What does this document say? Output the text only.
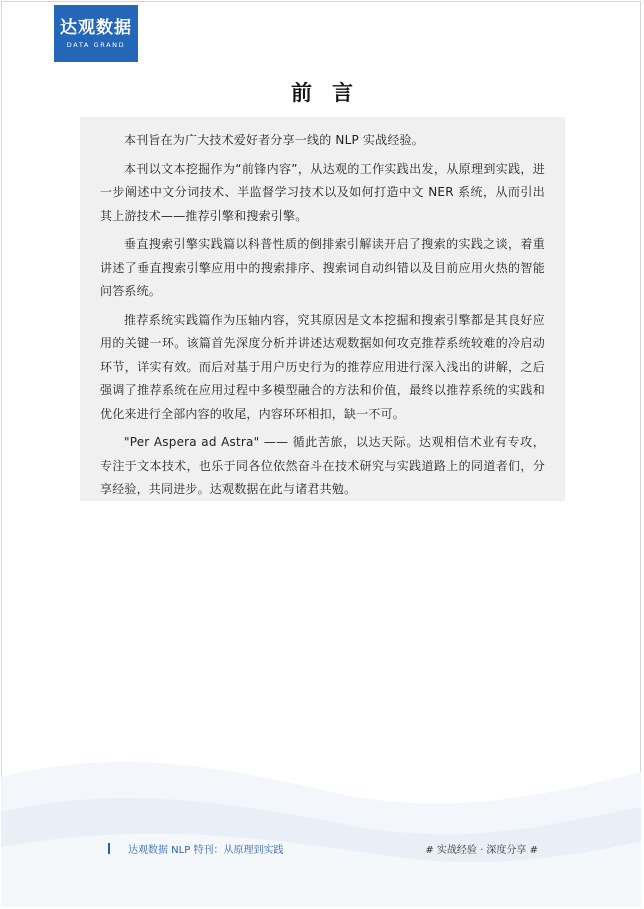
达观数据
DATA GRAND
前言

本刊旨在为广大技术爱好者分享一线的 NLP 实战经验。

本刊以文本挖掘作为“前锋内容”，从达观的工作实践出发，从原理到实践，进一步阐述中文分词技术、半监督学习技术以及如何打造中文 NER 系统，从而引出其上游技术——推荐引擎和搜索引擎。

垂直搜索引擎实践篇以科普性质的倒排索引解读开启了搜索的实践之谈，着重讲述了垂直搜索引擎应用中的搜索排序、搜索词自动纠错以及目前应用火热的智能问答系统。

推荐系统实践篇作为压轴内容，究其原因是文本挖掘和搜索引擎都是其良好应用的关键一环。该篇首先深度分析并讲述达观数据如何攻克推荐系统较难的冷启动环节，详实有效。而后对基于用户历史行为的推荐应用进行深入浅出的讲解，之后强调了推荐系统在应用过程中多模型融合的方法和价值，最终以推荐系统的实践和优化来进行全部内容的收尾，内容环环相扣，缺一不可。

"Per Aspera ad Astra" —— 循此苦旅，以达天际。达观相信术业有专攻，专注于文本技术，也乐于同各位依然奋斗在技术研究与实践道路上的同道者们，分享经验，共同进步。达观数据在此与诸君共勉。

达观数据 NLP 特刊：从原理到实践	# 实战经验 · 深度分享 #
